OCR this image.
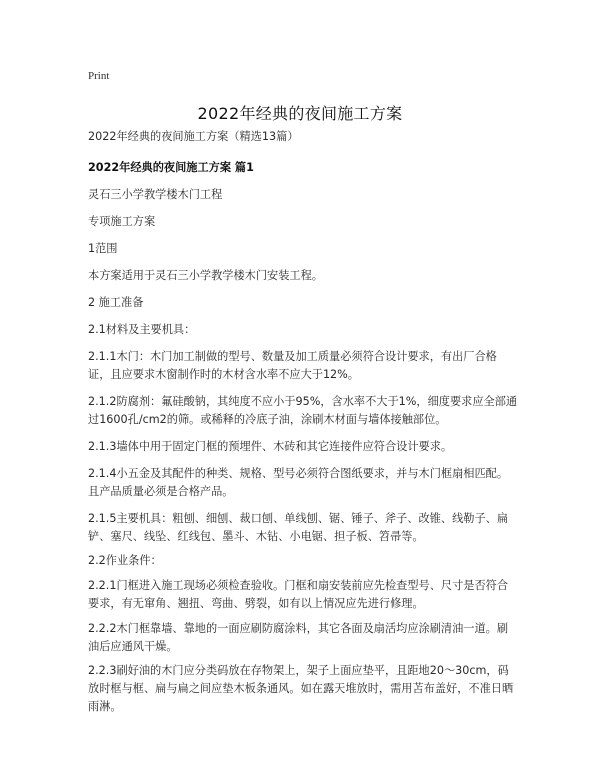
Print
2022年经典的夜间施工方案

2022年经典的夜间施工方案（精选13篇）

2022年经典的夜间施工方案 篇1

灵石三小学教学楼木门工程

专项施工方案

1范围

本方案适用于灵石三小学教学楼木门安装工程。

2 施工准备

2.1材料及主要机具：

2.1.1木门：木门加工制做的型号、数量及加工质量必须符合设计要求，有出厂合格证，且应要求木窗制作时的木材含水率不应大于12%。

2.1.2防腐剂：氟硅酸钠，其纯度不应小于95%，含水率不大于1%，细度要求应全部通过1600孔/cm2的筛。或稀释的冷底子油，涂刷木材面与墙体接触部位。

2.1.3墙体中用于固定门框的预埋件、木砖和其它连接件应符合设计要求。

2.1.4小五金及其配件的种类、规格、型号必须符合图纸要求，并与木门框扇相匹配。且产品质量必须是合格产品。

2.1.5主要机具：粗刨、细刨、裁口刨、单线刨、锯、锤子、斧子、改锥、线勒子、扁铲、塞尺、线坠、红线包、墨斗、木钻、小电锯、担子板、笤帚等。

2.2作业条件：

2.2.1门框进入施工现场必须检查验收。门框和扇安装前应先检查型号、尺寸是否符合要求，有无窜角、翘扭、弯曲、劈裂，如有以上情况应先进行修理。

2.2.2木门框靠墙、靠地的一面应刷防腐涂料，其它各面及扇活均应涂刷清油一道。刷油后应通风干燥。

2.2.3刷好油的木门应分类码放在存物架上，架子上面应垫平，且距地20～30cm，码放时框与框、扁与扁之间应垫木板条通风。如在露天堆放时，需用苫布盖好，不准日晒雨淋。
